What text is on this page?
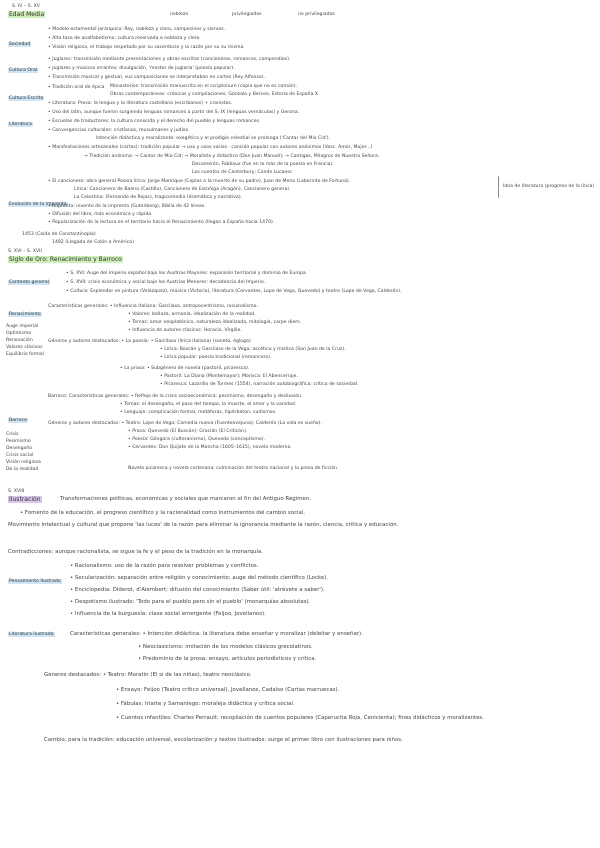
S. IV – S. XV
nobleza	privilegiados	no privilegiados
Edad Media
Sociedad
Cultura Oral
Cultura Escrita
Literatura
Evolución de la imprenta
• Modelo estamental jerárquico: Rey, nobleza y clero, campesinos y siervos.
• Alta tasa de analfabetismo: cultura reservada a nobleza y clero.
• Visión religiosa, el trabajo respetado por su sacerdocio y la razón por su su misma.
• Juglares: transmisión mediante presentaciones y obras escritas (cancioneros, romances, compendios).
• Juglares y músicos errantes; divulgación, 'mester de juglaría' (poesía popular).
• Transmisión musical y gestual, sus composiciones se interpretaban en cortes (Rey Alfonso).
• Tradición oral de épica Monasterios: transmisión manuscrita en el scriptorium (copia que no es común).
Obras contemporáneas: crónicas y compilaciones; Gonzalo y Berceo, Estoria de España X.
• Literatura: Prosa: la lengua y la literatura castellana (escribanos) + cronistas.
• Uso del latín, aunque fueron surgiendo lenguas romances a partir del S. IX (lenguas vernáculas) y Gerona.
• Escuelas de traductores: la cultura conocida y el derecho del pueblo y lenguas romances.
• Convergencias culturales: cristianos, musulmanes y judíos.
Intención didáctica y moralizante: exegética y el prodigio celestial se prolonga ('Cantar del Mio Cid').
• Manifestaciones artesanales (cartas): tradición popular → uso y usos varios · canción popular con autores anónimos (Vasc. Amor, Mujer...)
→ Tradición anónima: → Cantar de Mio Cid; → Moralista y didáctico (Don Juan Manuel); → Cantigas, Milagros de Nuestra Señora.
Decamerón, Fabliaux (fue en lo más de la poesía en Francia).
Los cuentos de Canterbury; Conde Lucanor.
• El cancionero: obra general Poesía lírica: Jorge Manrique (Coplas a la muerte de su padre), Juan de Mena (Laberinto de Fortuna).
Lírica: Cancionero de Baena (Castilla), Cancionero de Estúñiga (Aragón), Cancionero general.
La Celestina: (Fernando de Rojas), tragicomedia (dramática y narrativa).
• Imprenta: invento de la imprenta (Gutenberg), Biblia de 42 líneas.
• Difusión del libro, más económica y rápida.
• Popularización de la lectura en el territorio hacia el Renacimiento (llegan a España hacia 1470).
Idea de literatura (progreso de la lírica)
1453 (Caída de Constantinopla)
1492 (Llegada de Colón a América)
S. XVI – S. XVII
Siglo de Oro: Renacimiento y Barroco
Contexto general
Renacimiento
Barroco
Auge imperial
Optimismo
Renovación
Valores clásicos
Equilibrio formal
Crisis
Pesimismo
Desengaño
Crisis social
Visión religiosa
De la realidad
• S. XVI: Auge del imperio español bajo los Austrias Mayores: expansión territorial y dominio de Europa.
• S. XVII: crisis económica y social bajo los Austrias Menores: decadencia del Imperio.
• Cultura: Esplendor en pintura (Velázquez), música (Victoria), literatura (Cervantes, Lope de Vega, Quevedo) y teatro (Lope de Vega, Calderón).
Características generales: • Influencia italiana: Garcilaso, antropocentrismo, racionalismo.
• Valores: belleza, armonía, idealización de la realidad.
• Temas: amor neoplatónico, naturaleza idealizada, mitología, carpe diem.
• Influencia de autores clásicos: Horacio, Virgilio.
Géneros y autores destacados: • La poesía: • Garcilaso (lírica italiana) (soneto, égloga).
• Lírica: Boscán y Garcilaso de la Vega; ascética y mística (San Juan de la Cruz).
• Lírica popular: poesía tradicional (romancero).
• La prosa: • Subgénero de novela (pastoril, picaresca).
• Pastoril: La Diana (Montemayor); Morisca: El Abencerraje.
• Picaresca: Lazarillo de Tormes (1554), narración autobiográfica; crítica de sociedad.
Barroco: Características generales: • Reflejo de la crisis socioeconómica: pesimismo, desengaño y desilusión.
• Temas: el desengaño, el paso del tiempo, la muerte, el amor y la vanidad.
• Lenguaje: complicación formal, metáforas, hipérbaton, cultismos.
Géneros y autores destacados: • Teatro: Lope de Vega: Comedia nueva (Fuenteovejuna); Calderón (La vida es sueño).
• Prosa: Quevedo (El Buscón); Gracián (El Criticón).
• Poesía: Góngora (culteranismo), Quevedo (conceptismo).
• Cervantes: Don Quijote de la Mancha (1605–1615), novela moderna.
Novela picaresca y novela cortesana; culminación del teatro nacional y la prosa de ficción.
S. XVIII
Ilustración	Transformaciones políticas, económicas y sociales que marcaron el fin del Antiguo Régimen.
• Fomento de la educación, el progreso científico y la racionalidad como instrumentos del cambio social.
Movimiento intelectual y cultural que propone 'las luces' de la razón para eliminar la ignorancia mediante la razón, ciencia, crítica y educación.
Contradicciones: aunque racionalista, se sigue la fe y el peso de la tradición en la monarquía.
Pensamiento Ilustrado
Literatura ilustrada
• Racionalismo: uso de la razón para resolver problemas y conflictos.
• Secularización: separación entre religión y conocimiento; auge del método científico (Locke).
• Enciclopedia: Diderot, d'Alembert; difusión del conocimiento (Saber útil: 'atrévete a saber').
• Despotismo ilustrado: 'Todo para el pueblo pero sin el pueblo' (monarquías absolutas).
• Influencia de la burguesía: clase social emergente (Feijoo, Jovellanos).
Características generales: • Intención didáctica: la literatura debe enseñar y moralizar (deleitar y enseñar).
• Neoclasicismo: imitación de los modelos clásicos grecolatinos.
• Predominio de la prosa: ensayo, artículos periodísticos y crítica.
Géneros destacados: • Teatro: Moratín (El sí de las niñas), teatro neoclásico.
• Ensayo: Feijoo (Teatro crítico universal), Jovellanos, Cadalso (Cartas marruecas).
• Fábulas: Iriarte y Samaniego: moraleja didáctica y crítica social.
• Cuentos infantiles: Charles Perrault: recopilación de cuentos populares (Caperucita Roja, Cenicienta); fines didácticos y moralizantes.
Cambio, para la tradición: educación universal, escolarización y textos ilustrados: surge el primer libro con ilustraciones para niños.
